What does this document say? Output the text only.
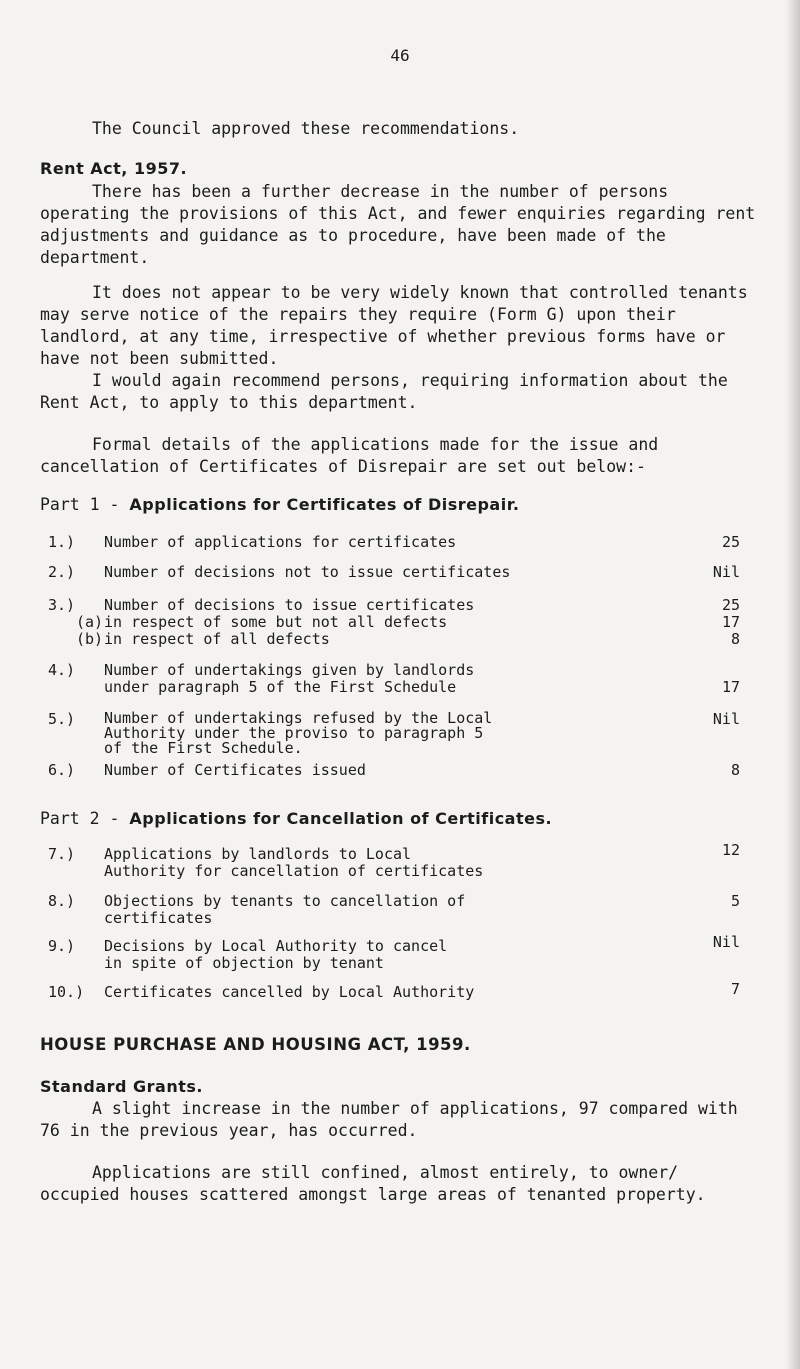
46

The Council approved these recommendations.

Rent Act, 1957.

There has been a further decrease in the number of persons operating the provisions of this Act, and fewer enquiries regarding rent adjustments and guidance as to procedure, have been made of the department.

It does not appear to be very widely known that controlled tenants may serve notice of the repairs they require (Form G) upon their landlord, at any time, irrespective of whether previous forms have or have not been submitted.

I would again recommend persons, requiring information about the Rent Act, to apply to this department.

Formal details of the applications made for the issue and cancellation of Certificates of Disrepair are set out below:-

Part 1 - Applications for Certificates of Disrepair.
1.) Number of applications for certificates	25
2.) Number of decisions not to issue certificates	Nil
3.) Number of decisions to issue certificates	25
(a) in respect of some but not all defects	17
(b) in respect of all defects	8
4.) Number of undertakings given by landlords
under paragraph 5 of the First Schedule	17
5.) Number of undertakings refused by the Local
Authority under the proviso to paragraph 5
of the First Schedule.
Nil
6.) Number of Certificates issued	8
Part 2 - Applications for Cancellation of Certificates.
7.) Applications by landlords to Local
Authority for cancellation of certificates
12
8.) Objections by tenants to cancellation of
certificates
5
9.) Decisions by Local Authority to cancel
in spite of objection by tenant
Nil
10.) Certificates cancelled by Local Authority	7
HOUSE PURCHASE AND HOUSING ACT, 1959.
Standard Grants.

A slight increase in the number of applications, 97 compared with 76 in the previous year, has occurred.

Applications are still confined, almost entirely, to owner/ occupied houses scattered amongst large areas of tenanted property.
